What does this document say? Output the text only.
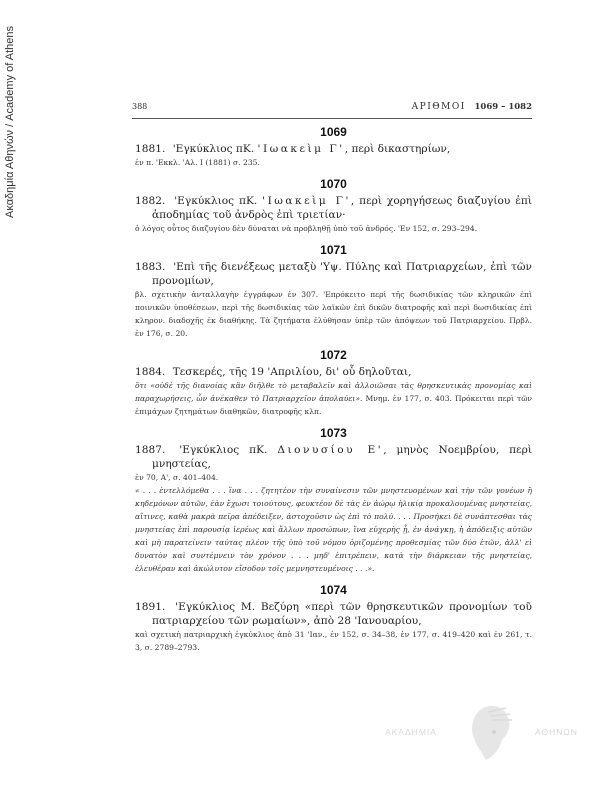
Ακαδημία Αθηνών / Academy of Athens	388	ΑΡΙΘΜΟΙ 1069 – 1082
1069

1881. 'Εγκύκλιος πΚ. 'Ιωακεὶμ Γ', περὶ δικαστηρίων,

ἐν π. 'Εκκλ. 'Αλ. Ι (1881) σ. 235.

1070

1882. 'Εγκύκλιος πΚ. 'Ιωακεὶμ Γ', περὶ χορηγήσεως διαζυγίου ἐπὶ ἀποδημίας τοῦ ἀνδρὸς ἐπὶ τριετίαν·

ὁ λόγος οὗτος διαζυγίου δὲν δύναται νὰ προβληθῇ ὑπὸ τοῦ ἀνδρός. 'Εν 152, σ. 293–294.

1071

1883. 'Επὶ τῆς διενέξεως μεταξὺ 'Υψ. Πύλης καὶ Πατριαρχείων, ἐπὶ τῶν προνομίων,

βλ. σχετικὴν ἀνταλλαγὴν ἐγγράφων ἐν 307. 'Επρόκειτο περὶ τῆς δωσιδικίας τῶν κληρικῶν ἐπὶ ποινικῶν ὑποθέσεων, περὶ τῆς δωσιδικίας τῶν λαϊκῶν ἐπὶ δικῶν διατροφῆς καὶ περὶ δωσιδικίας ἐπὶ κληρον. διαδοχῆς ἐκ διαθήκης. Τὰ ζητήματα ἐλύθησαν ὑπὲρ τῶν ἀπόψεων τοῦ Πατριαρχείου. Πρβλ. ἐν 176, σ. 20.

1072

1884. Τεσκερές, τῆς 19 'Απριλίου, δι' οὗ δηλοῦται,

ὅτι «οὐδὲ τῆς διανοίας κἂν διῆλθε τὸ μεταβαλεῖν καὶ ἀλλοιῶσαι τὰς θρησκευτικὰς προνομίας καὶ παραχωρήσεις, ὧν ἀνέκαθεν τὸ Πατριαρχεῖον ἀπολαύει». Μνημ. ἐν 177, σ. 403. Πρόκειται περὶ τῶν ἐπιμάχων ζητημάτων διαθηκῶν, διατροφῆς κλπ.

1073

1887. 'Εγκύκλιος πΚ. Διονυσίου Ε', μηνὸς Νοεμβρίου, περὶ μνηστείας,

ἐν 70, Α', σ. 401–404.

« . . . ἐντελλόμεθα . . . ἵνα . . . ζητητέον τὴν συναίνεσιν τῶν μνηστευομένων καὶ τὴν τῶν γονέων ἢ κηδεμόνων αὐτῶν, ἐὰν ἔχωσι τοιούτους, φευκτέον δὲ τὰς ἐν ἀώρῳ ἡλικίᾳ προκαλουμένας μνηστείας, αἵτινες, καθὰ μακρὰ πεῖρα ἀπέδειξεν, ἀστοχοῦσιν ὡς ἐπὶ τὸ πολύ. . . . Προσήκει δὲ συνάπτεσθαι τὰς μνηστείας ἐπὶ παρουσίᾳ ἱερέως καὶ ἄλλων προσώπων, ἵνα εὐχερὴς ᾖ, ἐν ἀνάγκῃ, ἡ ἀπόδειξις αὐτῶν καὶ μὴ παρατείνειν ταύτας πλέον τῆς ὑπὸ τοῦ νόμου ὁριζομένης προθεσμίας τῶν δύο ἐτῶν, ἀλλ' εἰ δυνατὸν καὶ συντέμνειν τὸν χρόνον . . . μηδ' ἐπιτρέπειν, κατὰ τὴν διάρκειαν τῆς μνηστείας, ἐλευθέραν καὶ ἀκώλυτον εἴσοδον τοῖς μεμνηστευμένοις . . .».

1074

1891. 'Εγκύκλιος Μ. Βεζύρη «περὶ τῶν θρησκευτικῶν προνομίων τοῦ πατριαρχείου τῶν ρωμαίων», ἀπὸ 28 'Ιανουαρίου,

καὶ σχετικὴ πατριαρχικὴ ἐγκύκλιος ἀπὸ 31 'Ιαν., ἐν 152, σ. 34–38, ἐν 177, σ. 419–420 καὶ ἐν 261, τ. 3, σ. 2789–2793.

ΑΚΑΔΗΜΙΑ	ΑΘΗΝΩΝ
